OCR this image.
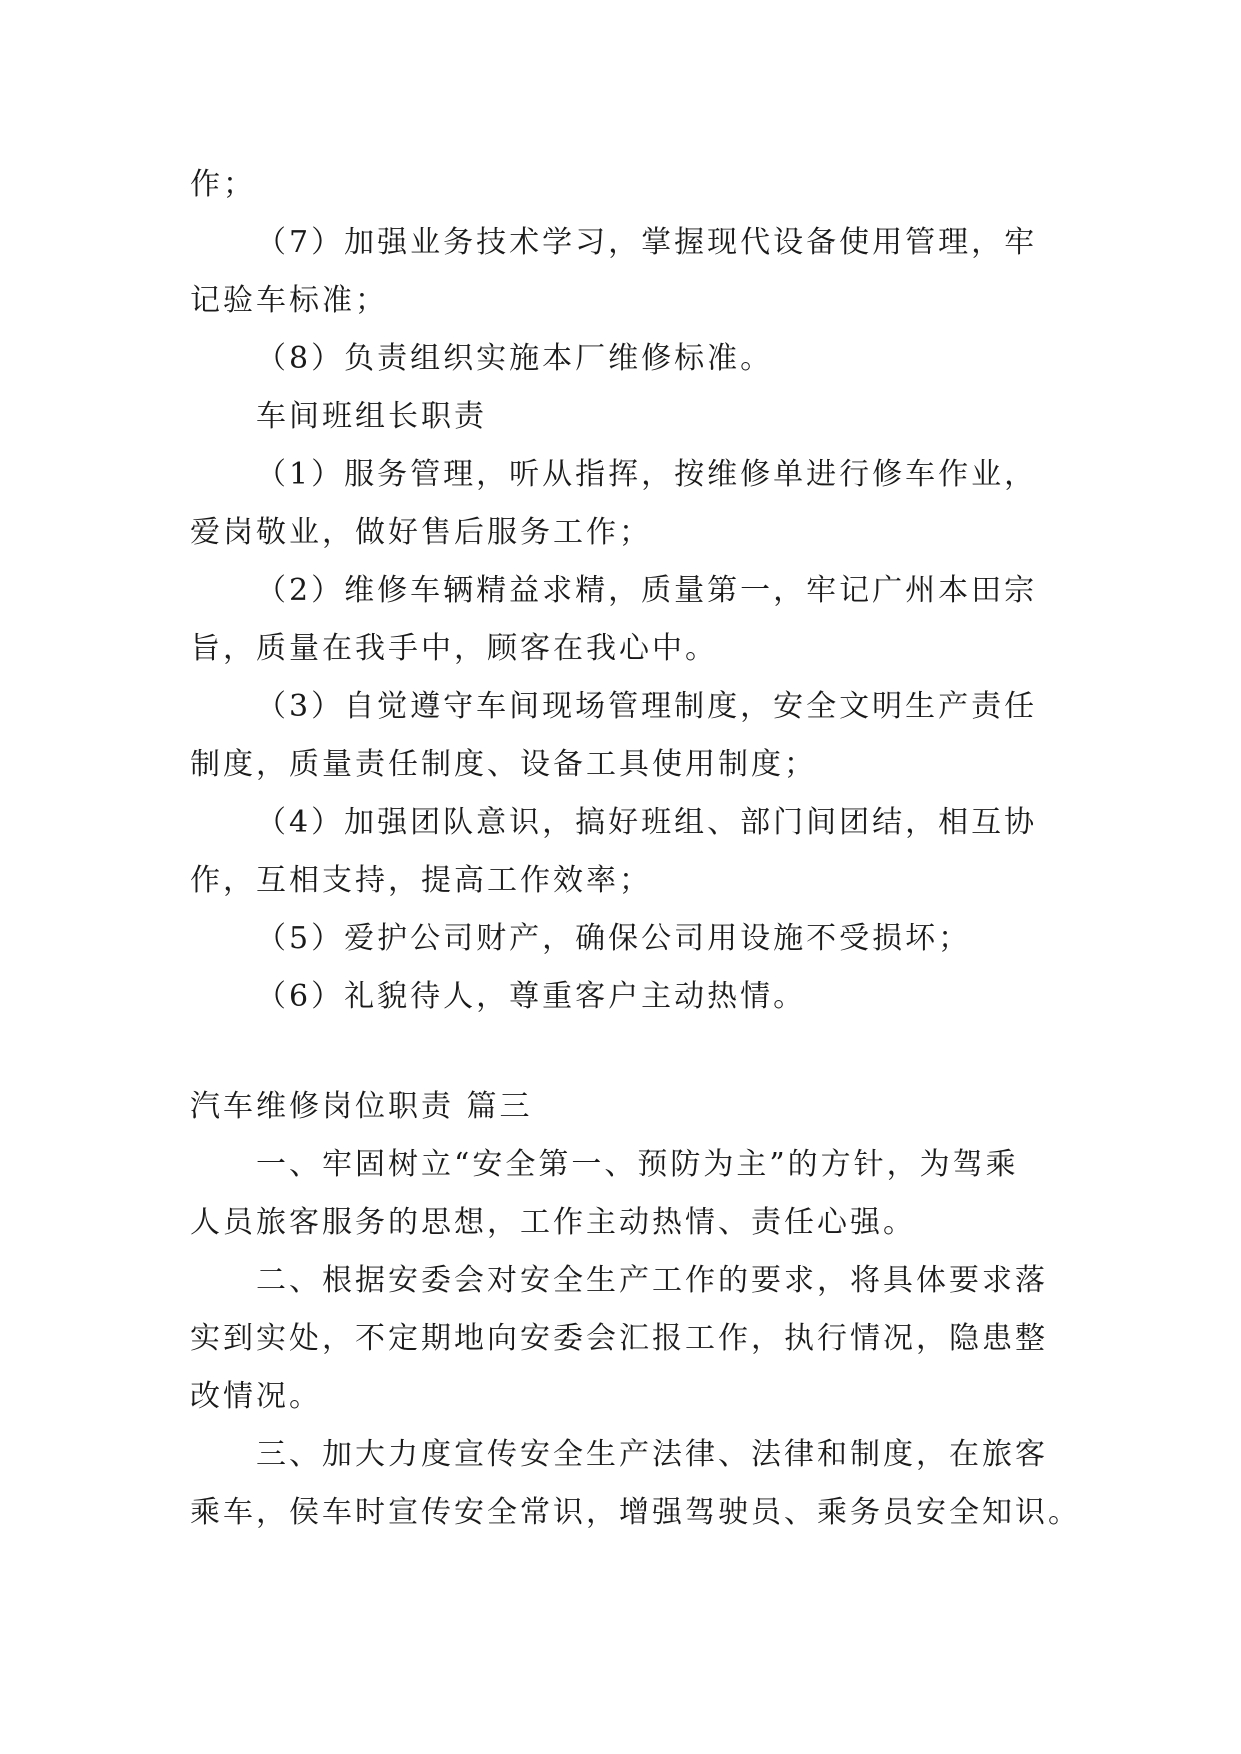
作；
（7）加强业务技术学习，掌握现代设备使用管理，牢
记验车标准；
（8）负责组织实施本厂维修标准。
车间班组长职责
（1）服务管理，听从指挥，按维修单进行修车作业，
爱岗敬业，做好售后服务工作；
（2）维修车辆精益求精，质量第一，牢记广州本田宗
旨，质量在我手中，顾客在我心中。
（3）自觉遵守车间现场管理制度，安全文明生产责任
制度，质量责任制度、设备工具使用制度；
（4）加强团队意识，搞好班组、部门间团结，相互协
作，互相支持，提高工作效率；
（5）爱护公司财产，确保公司用设施不受损坏；
（6）礼貌待人，尊重客户主动热情。
汽车维修岗位职责 篇三
一、牢固树立“安全第一、预防为主”的方针，为驾乘
人员旅客服务的思想，工作主动热情、责任心强。
二、根据安委会对安全生产工作的要求，将具体要求落
实到实处，不定期地向安委会汇报工作，执行情况，隐患整
改情况。
三、加大力度宣传安全生产法律、法律和制度，在旅客
乘车，侯车时宣传安全常识，增强驾驶员、乘务员安全知识。
